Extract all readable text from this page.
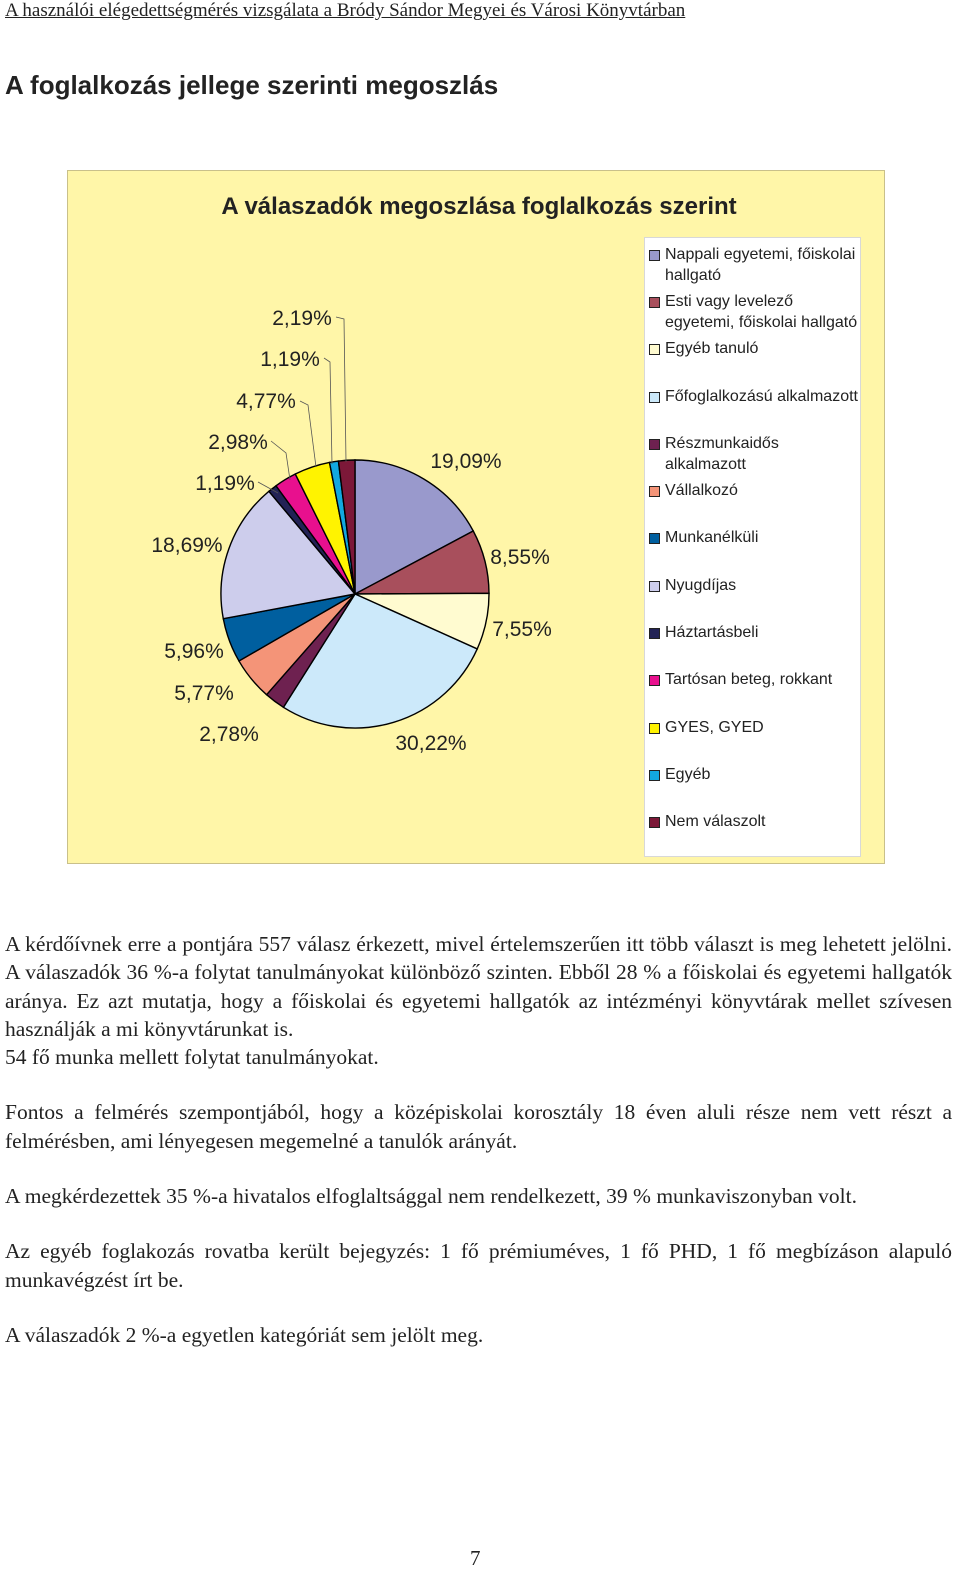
A használói elégedettségmérés vizsgálata a Bródy Sándor Megyei és Városi Könyvtárban
A foglalkozás jellege szerinti megoszlás
19,09%
8,55%
7,55%
30,22%
2,78%
5,77%
5,96%
18,69%
1,19%
2,98%
4,77%
1,19%
2,19%
A válaszadók megoszlása foglalkozás szerint
Nappali egyetemi, főiskolai
hallgató
Esti vagy levelező
egyetemi, főiskolai hallgató
Egyéb tanuló
Főfoglalkozású alkalmazott
Részmunkaidős
alkalmazott
Vállalkozó
Munkanélküli
Nyugdíjas
Háztartásbeli
Tartósan beteg, rokkant
GYES, GYED
Egyéb
Nem válaszolt

A kérdőívnek erre a pontjára 557 válasz érkezett, mivel értelemszerűen itt több választ is meg lehetett jelölni. A válaszadók 36 %-a folytat tanulmányokat különböző szinten. Ebből 28 % a főiskolai és egyetemi hallgatók aránya. Ez azt mutatja, hogy a főiskolai és egyetemi hallgatók az intézményi könyvtárak mellet szívesen használják a mi könyvtárunkat is.

54 fő munka mellett folytat tanulmányokat.

Fontos a felmérés szempontjából, hogy a középiskolai korosztály 18 éven aluli része nem vett részt a felmérésben, ami lényegesen megemelné a tanulók arányát.

A megkérdezettek 35 %-a hivatalos elfoglaltsággal nem rendelkezett, 39 % munkaviszonyban volt.

Az egyéb foglakozás rovatba került bejegyzés: 1 fő prémiuméves, 1 fő PHD, 1 fő megbízáson alapuló munkavégzést írt be.

A válaszadók 2 %-a egyetlen kategóriát sem jelölt meg.

7
